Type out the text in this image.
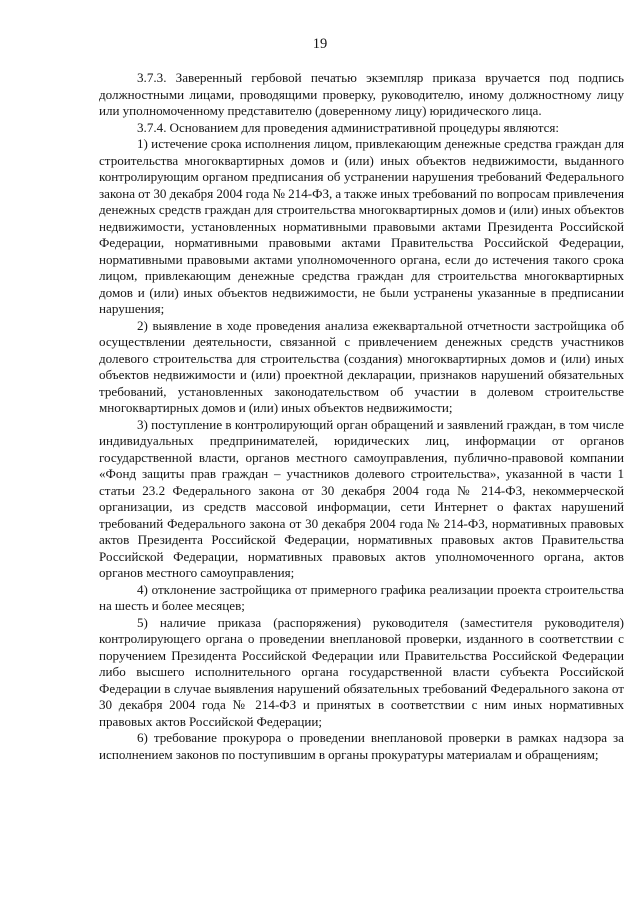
19

3.7.3. Заверенный гербовой печатью экземпляр приказа вручается под подпись должностными лицами, проводящими проверку, руководителю, иному должностному лицу или уполномоченному представителю (доверенному лицу) юридического лица.

3.7.4. Основанием для проведения административной процедуры являются:

1) истечение срока исполнения лицом, привлекающим денежные средства граждан для строительства многоквартирных домов и (или) иных объектов недвижимости, выданного контролирующим органом предписания об устранении нарушения требований Федерального закона от 30 декабря 2004 года № 214-ФЗ, а также иных требований по вопросам привлечения денежных средств граждан для строительства многоквартирных домов и (или) иных объектов недвижимости, установленных нормативными правовыми актами Президента Российской Федерации, нормативными правовыми актами Правительства Российской Федерации, нормативными правовыми актами уполномоченного органа, если до истечения такого срока лицом, привлекающим денежные средства граждан для строительства многоквартирных домов и (или) иных объектов недвижимости, не были устранены указанные в предписании нарушения;

2) выявление в ходе проведения анализа ежеквартальной отчетности застройщика об осуществлении деятельности, связанной с привлечением денежных средств участников долевого строительства для строительства (создания) многоквартирных домов и (или) иных объектов недвижимости и (или) проектной декларации, признаков нарушений обязательных требований, установленных законодательством об участии в долевом строительстве многоквартирных домов и (или) иных объектов недвижимости;

3) поступление в контролирующий орган обращений и заявлений граждан, в том числе индивидуальных предпринимателей, юридических лиц, информации от органов государственной власти, органов местного самоуправления, публично-правовой компании «Фонд защиты прав граждан – участников долевого строительства», указанной в части 1 статьи 23.2 Федерального закона от 30 декабря 2004 года № 214-ФЗ, некоммерческой организации, из средств массовой информации, сети Интернет о фактах нарушений требований Федерального закона от 30 декабря 2004 года № 214-ФЗ, нормативных правовых актов Президента Российской Федерации, нормативных правовых актов Правительства Российской Федерации, нормативных правовых актов уполномоченного органа, актов органов местного самоуправления;

4) отклонение застройщика от примерного графика реализации проекта строительства на шесть и более месяцев;

5) наличие приказа (распоряжения) руководителя (заместителя руководителя) контролирующего органа о проведении внеплановой проверки, изданного в соответствии с поручением Президента Российской Федерации или Правительства Российской Федерации либо высшего исполнительного органа государственной власти субъекта Российской Федерации в случае выявления нарушений обязательных требований Федерального закона от 30 декабря 2004 года № 214-ФЗ и принятых в соответствии с ним иных нормативных правовых актов Российской Федерации;

6) требование прокурора о проведении внеплановой проверки в рамках надзора за исполнением законов по поступившим в органы прокуратуры материалам и обращениям;
